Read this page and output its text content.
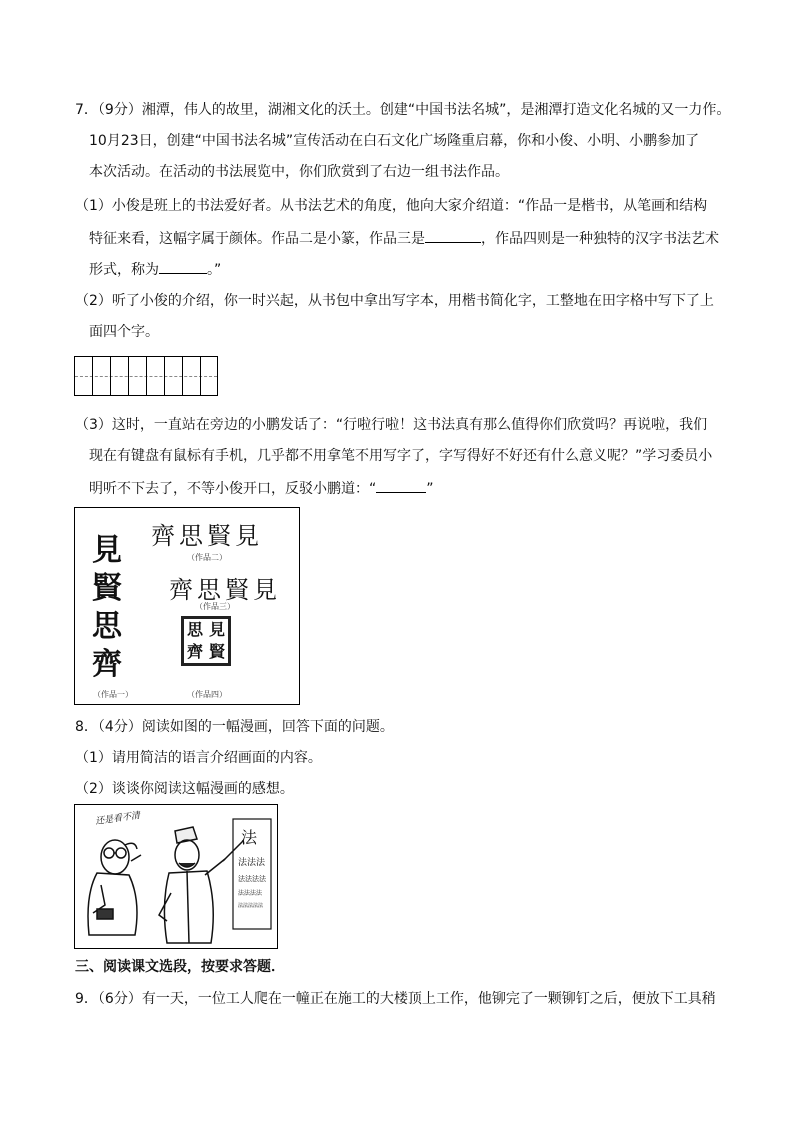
7．（9分）湘潭，伟人的故里，湖湘文化的沃土。创建“中国书法名城”，是湘潭打造文化名城的又一力作。
10月23日，创建“中国书法名城”宣传活动在白石文化广场隆重启幕，你和小俊、小明、小鹏参加了
本次活动。在活动的书法展览中，你们欣赏到了右边一组书法作品。
（1）小俊是班上的书法爱好者。从书法艺术的角度，他向大家介绍道：“作品一是楷书，从笔画和结构
特征来看，这幅字属于颜体。作品二是小篆，作品三是	，作品四则是一种独特的汉字书法艺术
形式，称为	。”
（2）听了小俊的介绍，你一时兴起，从书包中拿出写字本，用楷书简化字，工整地在田字格中写下了上
面四个字。
（3）这时，一直站在旁边的小鹏发话了：“行啦行啦！这书法真有那么值得你们欣赏吗？再说啦，我们
现在有键盘有鼠标有手机，几乎都不用拿笔不用写字了，字写得好不好还有什么意义呢？”学习委员小
明听不下去了，不等小俊开口，反驳小鹏道：“	”
見
賢
思
齊
（作品一）
齊思賢見
（作品二）
齊思賢見
（作品三）
思 見
齊 賢
（作品四）
8．（4分）阅读如图的一幅漫画，回答下面的问题。
（1）请用简洁的语言介绍画面的内容。
（2）谈谈你阅读这幅漫画的感想。
法
法法法
法法法法
法法法法
法法法法法
还是看不清
三、阅读课文选段，按要求答题．
9．（6分）有一天，一位工人爬在一幢正在施工的大楼顶上工作，他铆完了一颗铆钉之后，便放下工具稍
